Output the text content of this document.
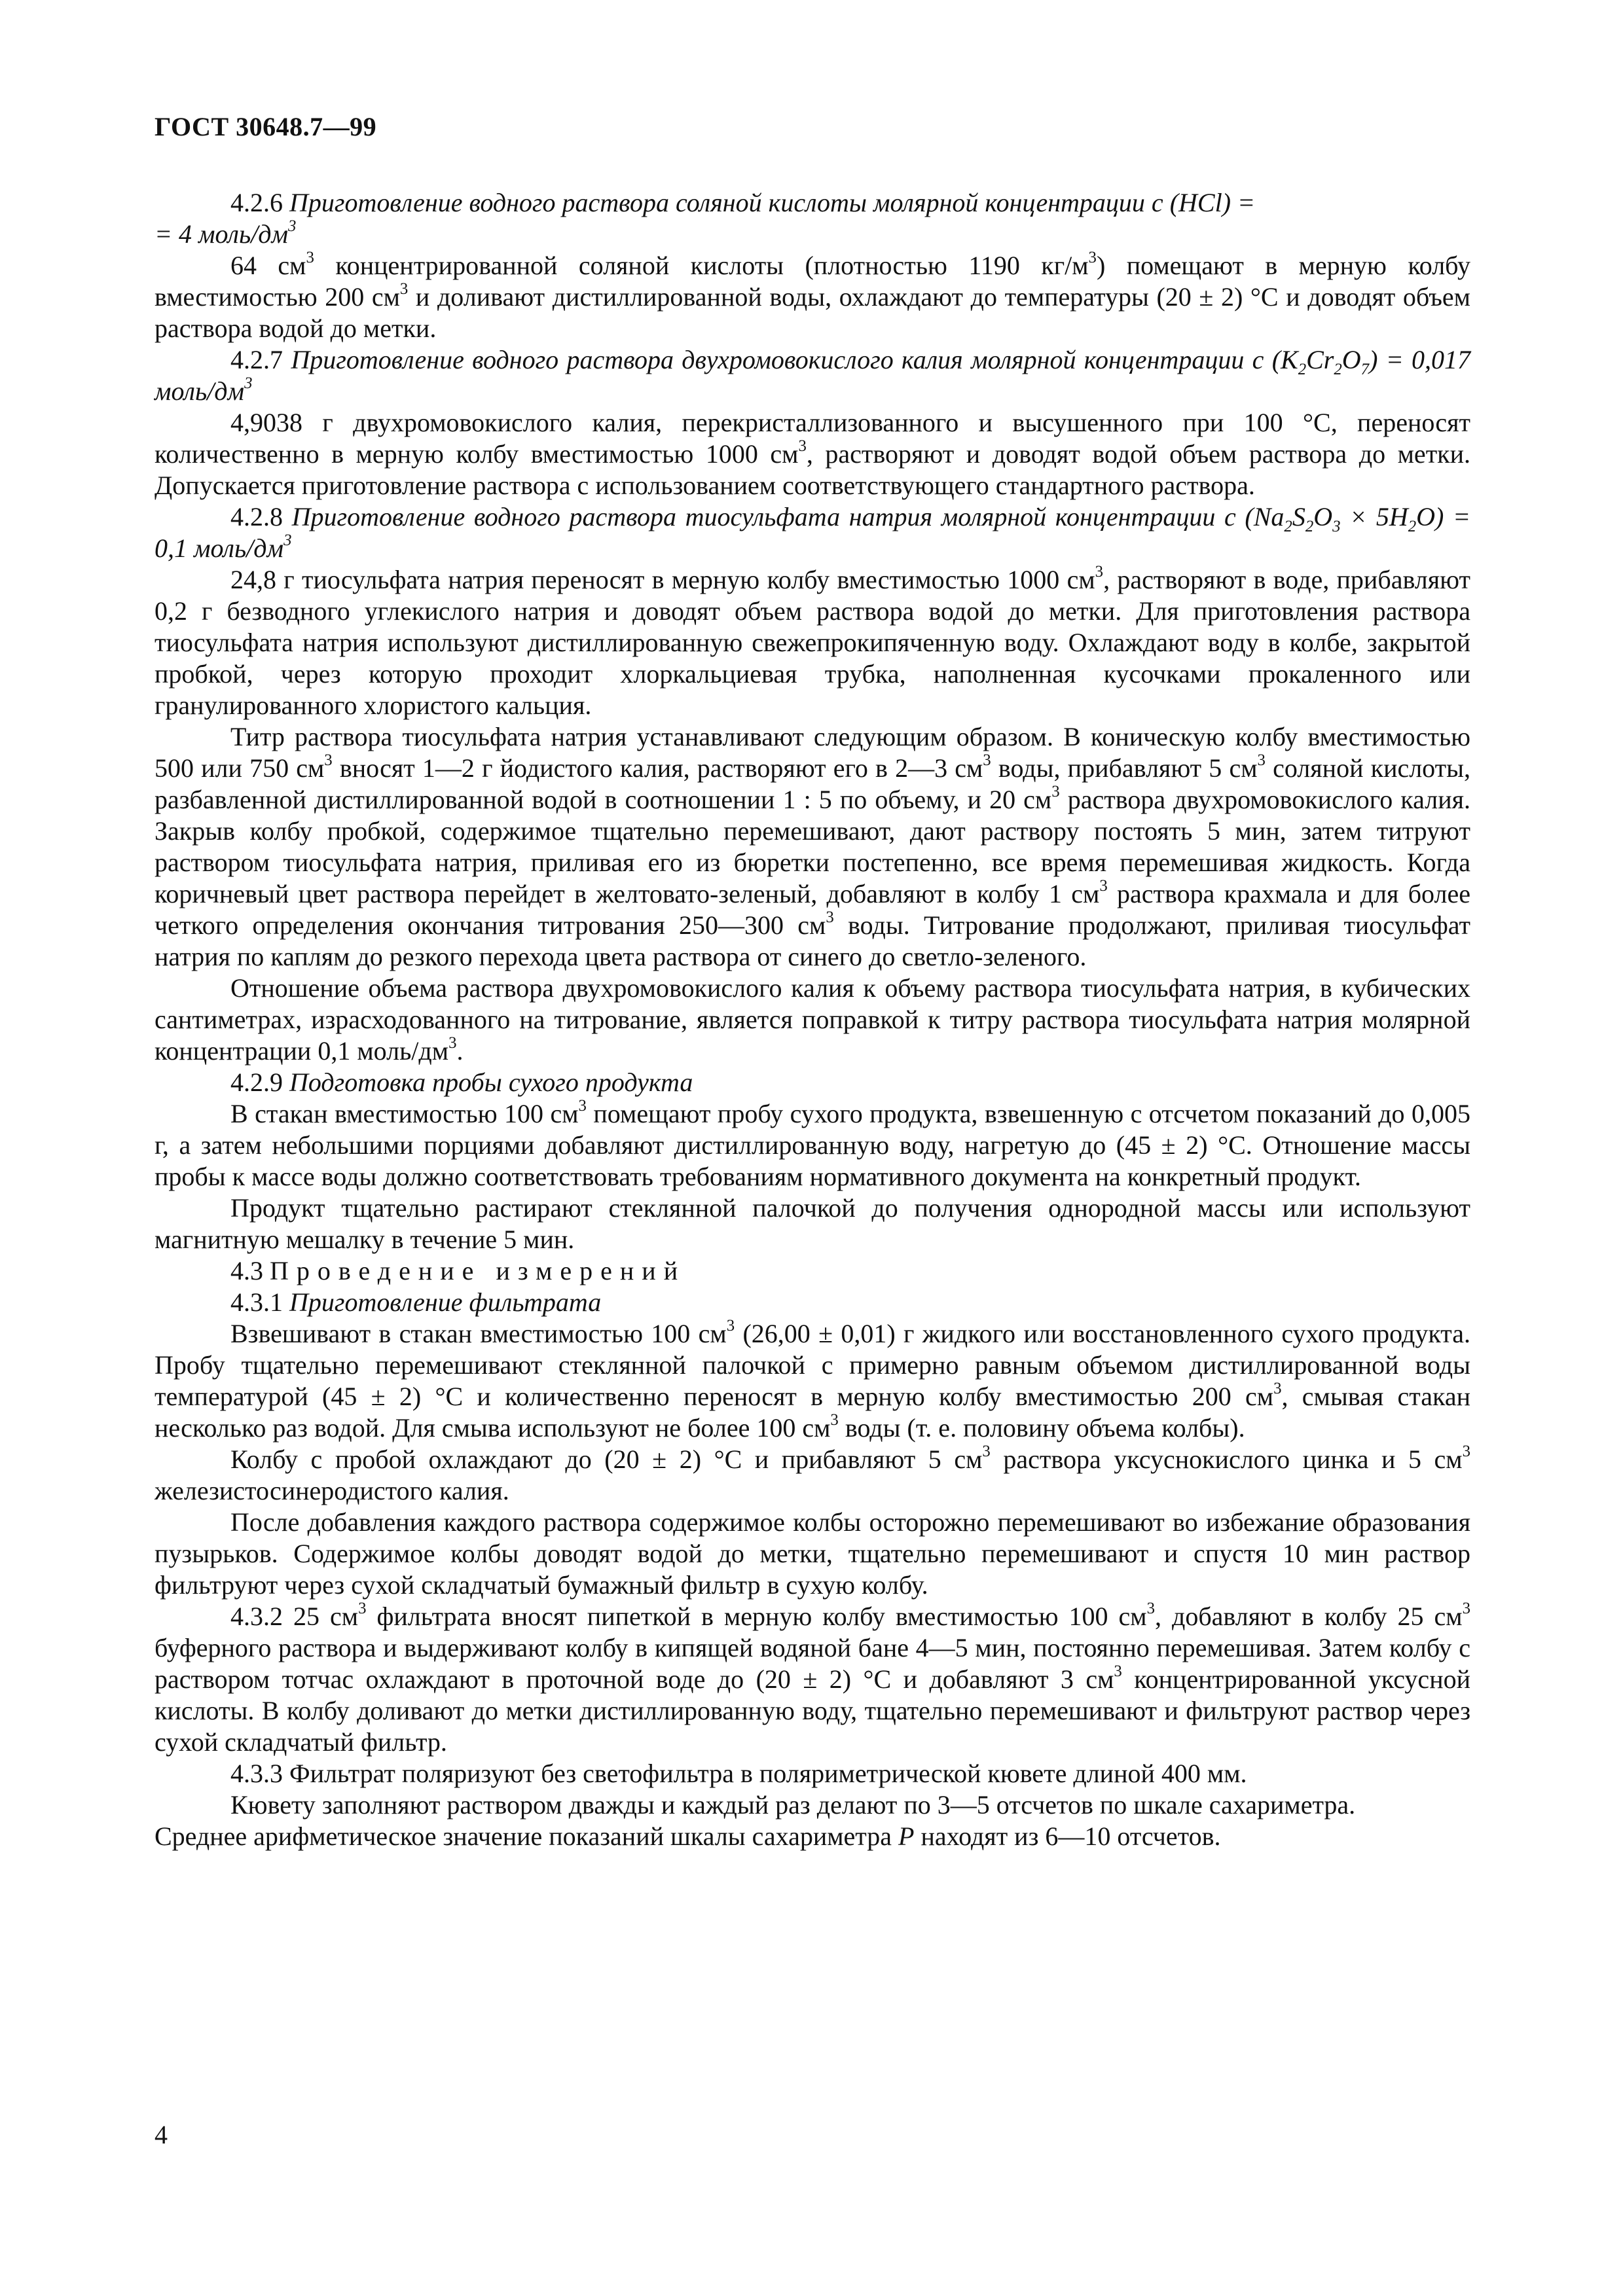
ГОСТ 30648.7—99

4.2.6 Приготовление водного раствора соляной кислоты молярной концентрации с (HCl) =
= 4 моль/$дм^3$

64 $см^3$ концентрированной соляной кислоты (плотностью 1190 $кг/м^3$) помещают в мерную колбу вместимостью 200 $см^3$ и доливают дистиллированной воды, охлаждают до температуры (20 ± 2) °С и доводят объем раствора водой до метки.

4.2.7 Приготовление водного раствора двухромовокислого калия молярной концентрации с $(K_2Cr_2O_7) = 0,017$ моль/$дм^3$

4,9038 г двухромовокислого калия, перекристаллизованного и высушенного при 100 °С, переносят количественно в мерную колбу вместимостью 1000 $см^3$, растворяют и доводят водой объем раствора до метки. Допускается приготовление раствора с использованием соответствующего стандартного раствора.

4.2.8 Приготовление водного раствора тиосульфата натрия молярной концентрации с $(Na_2S_2O_3 \times 5H_2O) = 0,1$ моль/$дм^3$

24,8 г тиосульфата натрия переносят в мерную колбу вместимостью 1000 $см^3$, растворяют в воде, прибавляют 0,2 г безводного углекислого натрия и доводят объем раствора водой до метки. Для приготовления раствора тиосульфата натрия используют дистиллированную свежепрокипяченную воду. Охлаждают воду в колбе, закрытой пробкой, через которую проходит хлоркальциевая трубка, наполненная кусочками прокаленного или гранулированного хлористого кальция.

Титр раствора тиосульфата натрия устанавливают следующим образом. В коническую колбу вместимостью 500 или 750 $см^3$ вносят 1—2 г йодистого калия, растворяют его в 2—3 $см^3$ воды, прибавляют 5 $см^3$ соляной кислоты, разбавленной дистиллированной водой в соотношении 1 : 5 по объему, и 20 $см^3$ раствора двухромовокислого калия. Закрыв колбу пробкой, содержимое тщательно перемешивают, дают раствору постоять 5 мин, затем титруют раствором тиосульфата натрия, приливая его из бюретки постепенно, все время перемешивая жидкость. Когда коричневый цвет раствора перейдет в желтовато-зеленый, добавляют в колбу 1 $см^3$ раствора крахмала и для более четкого определения окончания титрования 250—300 $см^3$ воды. Титрование продолжают, приливая тиосульфат натрия по каплям до резкого перехода цвета раствора от синего до светло-зеленого.

Отношение объема раствора двухромовокислого калия к объему раствора тиосульфата натрия, в кубических сантиметрах, израсходованного на титрование, является поправкой к титру раствора тиосульфата натрия молярной концентрации 0,1 моль/$дм^3$.

4.2.9 Подготовка пробы сухого продукта

В стакан вместимостью 100 $см^3$ помещают пробу сухого продукта, взвешенную с отсчетом показаний до 0,005 г, а затем небольшими порциями добавляют дистиллированную воду, нагретую до (45 ± 2) °С. Отношение массы пробы к массе воды должно соответствовать требованиям нормативного документа на конкретный продукт.

Продукт тщательно растирают стеклянной палочкой до получения однородной массы или используют магнитную мешалку в течение 5 мин.

4.3 Проведение измерений

4.3.1 Приготовление фильтрата

Взвешивают в стакан вместимостью 100 $см^3$ (26,00 ± 0,01) г жидкого или восстановленного сухого продукта. Пробу тщательно перемешивают стеклянной палочкой с примерно равным объемом дистиллированной воды температурой (45 ± 2) °С и количественно переносят в мерную колбу вместимостью 200 $см^3$, смывая стакан несколько раз водой. Для смыва используют не более 100 $см^3$ воды (т. е. половину объема колбы).

Колбу с пробой охлаждают до (20 ± 2) °С и прибавляют 5 $см^3$ раствора уксуснокислого цинка и 5 $см^3$ железистосинеродистого калия.

После добавления каждого раствора содержимое колбы осторожно перемешивают во избежание образования пузырьков. Содержимое колбы доводят водой до метки, тщательно перемешивают и спустя 10 мин раствор фильтруют через сухой складчатый бумажный фильтр в сухую колбу.

4.3.2 25 $см^3$ фильтрата вносят пипеткой в мерную колбу вместимостью 100 $см^3$, добавляют в колбу 25 $см^3$ буферного раствора и выдерживают колбу в кипящей водяной бане 4—5 мин, постоянно перемешивая. Затем колбу с раствором тотчас охлаждают в проточной воде до (20 ± 2) °С и добавляют 3 $см^3$ концентрированной уксусной кислоты. В колбу доливают до метки дистиллированную воду, тщательно перемешивают и фильтруют раствор через сухой складчатый фильтр.

4.3.3 Фильтрат поляризуют без светофильтра в поляриметрической кювете длиной 400 мм.

Кювету заполняют раствором дважды и каждый раз делают по 3—5 отсчетов по шкале сахариметра.

Среднее арифметическое значение показаний шкалы сахариметра P находят из 6—10 отсчетов.

4
